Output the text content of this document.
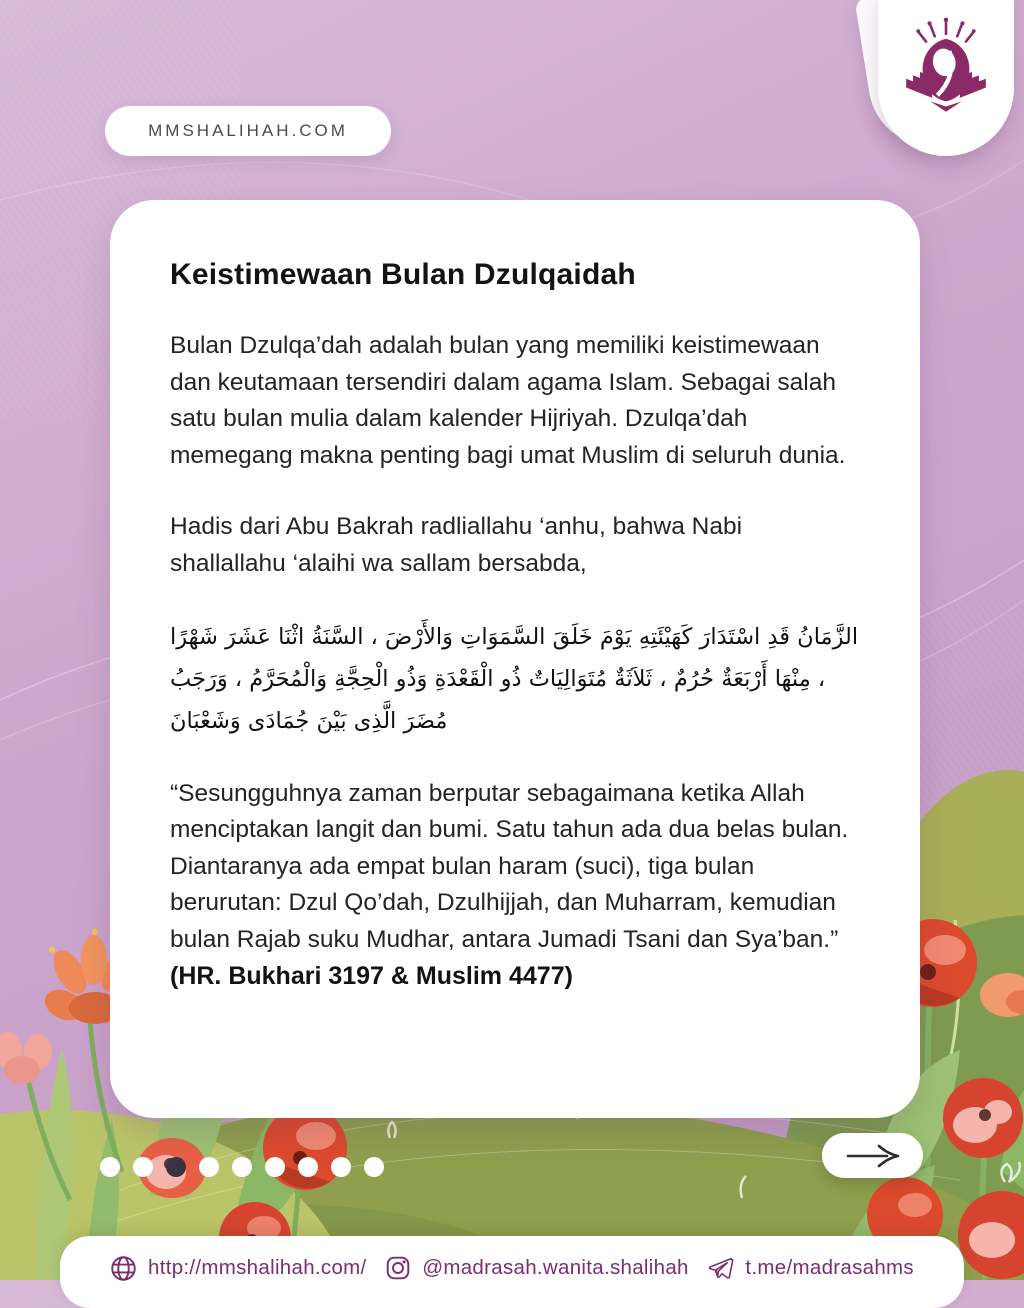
MMSHALIHAH.COM
Keistimewaan Bulan Dzulqaidah

Bulan Dzulqa’dah adalah bulan yang memiliki keistimewaan dan keutamaan tersendiri dalam agama Islam. Sebagai salah satu bulan mulia dalam kalender Hijriyah. Dzulqa’dah memegang makna penting bagi umat Muslim di seluruh dunia.

Hadis dari Abu Bakrah radliallahu ‘anhu, bahwa Nabi shallallahu ‘alaihi wa sallam bersabda,

الزَّمَانُ قَدِ اسْتَدَارَ كَهَيْئَتِهِ يَوْمَ خَلَقَ السَّمَوَاتِ وَالأَرْضَ ، السَّنَةُ اثْنَا عَشَرَ شَهْرًا ، مِنْهَا أَرْبَعَةٌ حُرُمٌ ، ثَلاَثَةٌ مُتَوَالِيَاتٌ ذُو الْقَعْدَةِ وَذُو الْحِجَّةِ وَالْمُحَرَّمُ ، وَرَجَبُ مُضَرَ الَّذِى بَيْنَ جُمَادَى وَشَعْبَانَ

“Sesungguhnya zaman berputar sebagaimana ketika Allah menciptakan langit dan bumi. Satu tahun ada dua belas bulan. Diantaranya ada empat bulan haram (suci), tiga bulan berurutan: Dzul Qo’dah, Dzulhijjah, dan Muharram, kemudian bulan Rajab suku Mudhar, antara Jumadi Tsani dan Sya’ban.”

(HR. Bukhari 3197 & Muslim 4477)

http://mmshalihah.com/	@madrasah.wanita.shalihah	t.me/madrasahms
